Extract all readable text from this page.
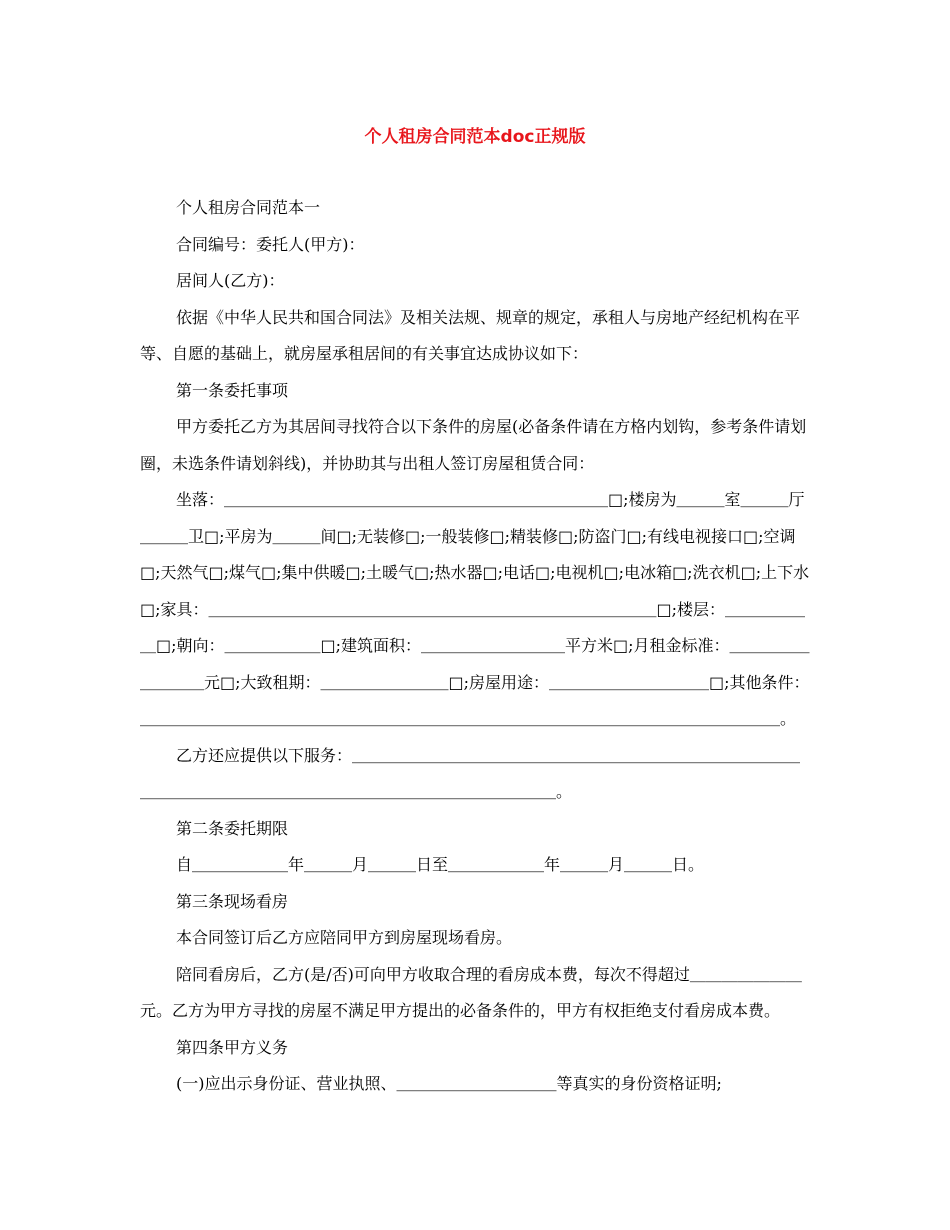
个人租房合同范本doc正规版
个人租房合同范本一
合同编号：委托人(甲方)：
居间人(乙方)：
依据《中华人民共和国合同法》及相关法规、规章的规定，承租人与房地产经纪机构在平等、自愿的基础上，就房屋承租居间的有关事宜达成协议如下：
第一条委托事项
甲方委托乙方为其居间寻找符合以下条件的房屋(必备条件请在方格内划钩，参考条件请划圈，未选条件请划斜线)，并协助其与出租人签订房屋租赁合同：
坐落：＿＿＿＿＿＿＿＿＿＿＿＿＿＿＿＿＿＿＿＿＿＿＿＿□;楼房为＿＿＿室＿＿＿厅＿＿＿卫□;平房为＿＿＿间□;无装修□;一般装修□;精装修□;防盗门□;有线电视接口□;空调□;天然气□;煤气□;集中供暖□;土暖气□;热水器□;电话□;电视机□;电冰箱□;洗衣机□;上下水□;家具：＿＿＿＿＿＿＿＿＿＿＿＿＿＿＿＿＿＿＿＿＿＿＿＿＿＿＿＿□;楼层：＿＿＿＿＿＿□;朝向：＿＿＿＿＿＿□;建筑面积：＿＿＿＿＿＿＿＿＿平方米□;月租金标准：＿＿＿＿＿＿＿＿＿元□;大致租期：＿＿＿＿＿＿＿＿□;房屋用途：＿＿＿＿＿＿＿＿＿＿□;其他条件：＿＿＿＿＿＿＿＿＿＿＿＿＿＿＿＿＿＿＿＿＿＿＿＿＿＿＿＿＿＿＿＿＿＿＿＿＿＿＿＿。
乙方还应提供以下服务：＿＿＿＿＿＿＿＿＿＿＿＿＿＿＿＿＿＿＿＿＿＿＿＿＿＿＿＿＿＿＿＿＿＿＿＿＿＿＿＿＿＿＿＿＿＿＿＿＿＿＿＿＿＿。
第二条委托期限
自＿＿＿＿＿＿年＿＿＿月＿＿＿日至＿＿＿＿＿＿年＿＿＿月＿＿＿日。
第三条现场看房
本合同签订后乙方应陪同甲方到房屋现场看房。
陪同看房后，乙方(是/否)可向甲方收取合理的看房成本费，每次不得超过＿＿＿＿＿＿＿元。乙方为甲方寻找的房屋不满足甲方提出的必备条件的，甲方有权拒绝支付看房成本费。
第四条甲方义务
(一)应出示身份证、营业执照、＿＿＿＿＿＿＿＿＿＿等真实的身份资格证明;
